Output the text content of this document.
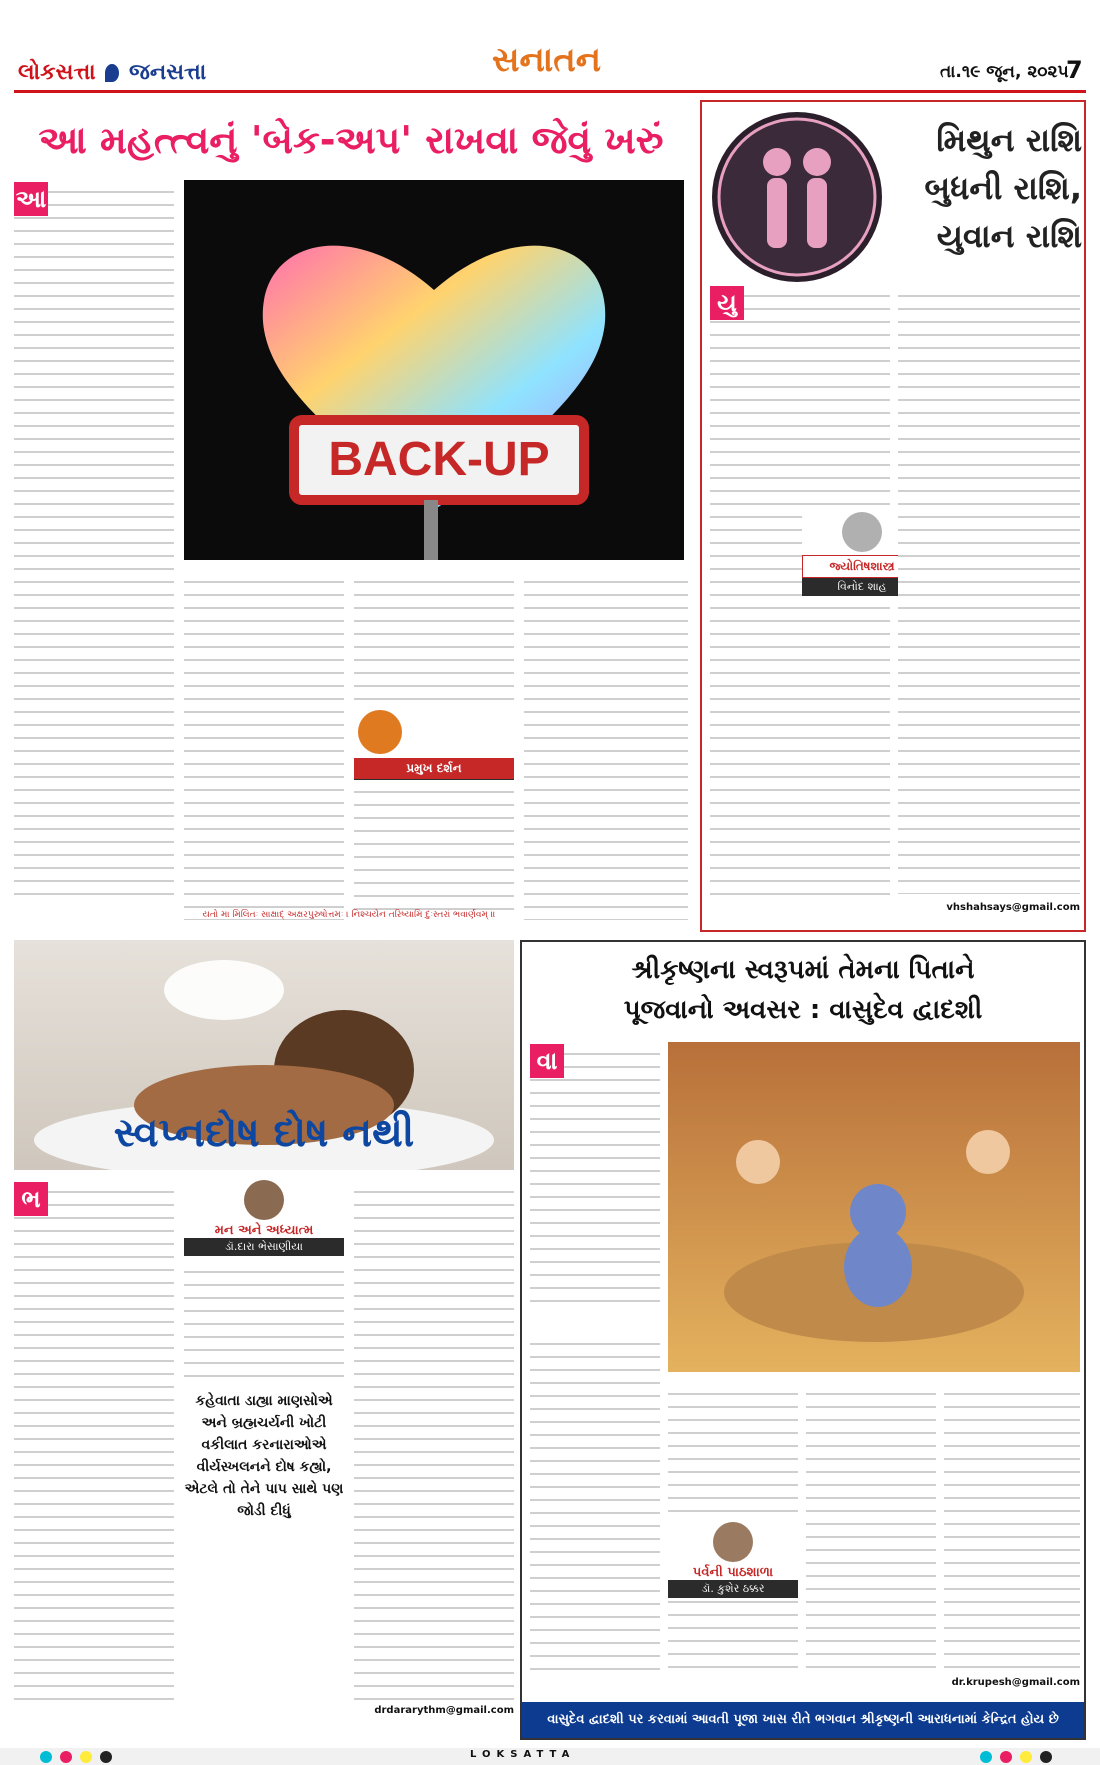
લોકસત્તા જનસત્તા	સનાતન	તા.૧૯ જૂન, ૨૦૨૫
7
આ મહત્ત્વનું 'બેક-અપ' રાખવા જેવું ખરું
BACK-UP
આ
પ્રમુખ દર્શન
યતો મા મિલિતઃ સાક્ષાદ્ અક્ષરપુરુષોત્તમઃ । નિશ્ચયેન તરિષ્યામિ દુઃસ્તરાં ભવાર્ણવમ્ ॥
મિથુન રાશિ
બુધની રાશિ,
યુવાન રાશિ
યુ
જ્યોતિષશાસ્ત્ર
વિનોદ શાહ
vhshahsays@gmail.com
સ્વપ્નદોષ દોષ નથી
ભ
મન અને અધ્યાત્મ
ડૉ.દારા ભેસાણીયા
કહેવાતા ડાહ્યા માણસોએ અને બ્રહ્મચર્યની ખોટી વકીલાત કરનારાઓએ વીર્યસ્ખલનને દોષ કહ્યો, એટલે તો તેને પાપ સાથે પણ જોડી દીધું
drdararythm@gmail.com
શ્રીકૃષ્ણના સ્વરૂપમાં તેમના પિતાને
પૂજવાનો અવસર : વાસુદેવ દ્વાદશી
વા
પર્વની પાઠશાળા
ડૉ. કુશેર ઠક્કર
dr.krupesh@gmail.com
વાસુદેવ દ્વાદશી પર કરવામાં આવતી પૂજા ખાસ રીતે ભગવાન શ્રીકૃષ્ણની આરાધનામાં કેન્દ્રિત હોય છે
LOKSATTA
